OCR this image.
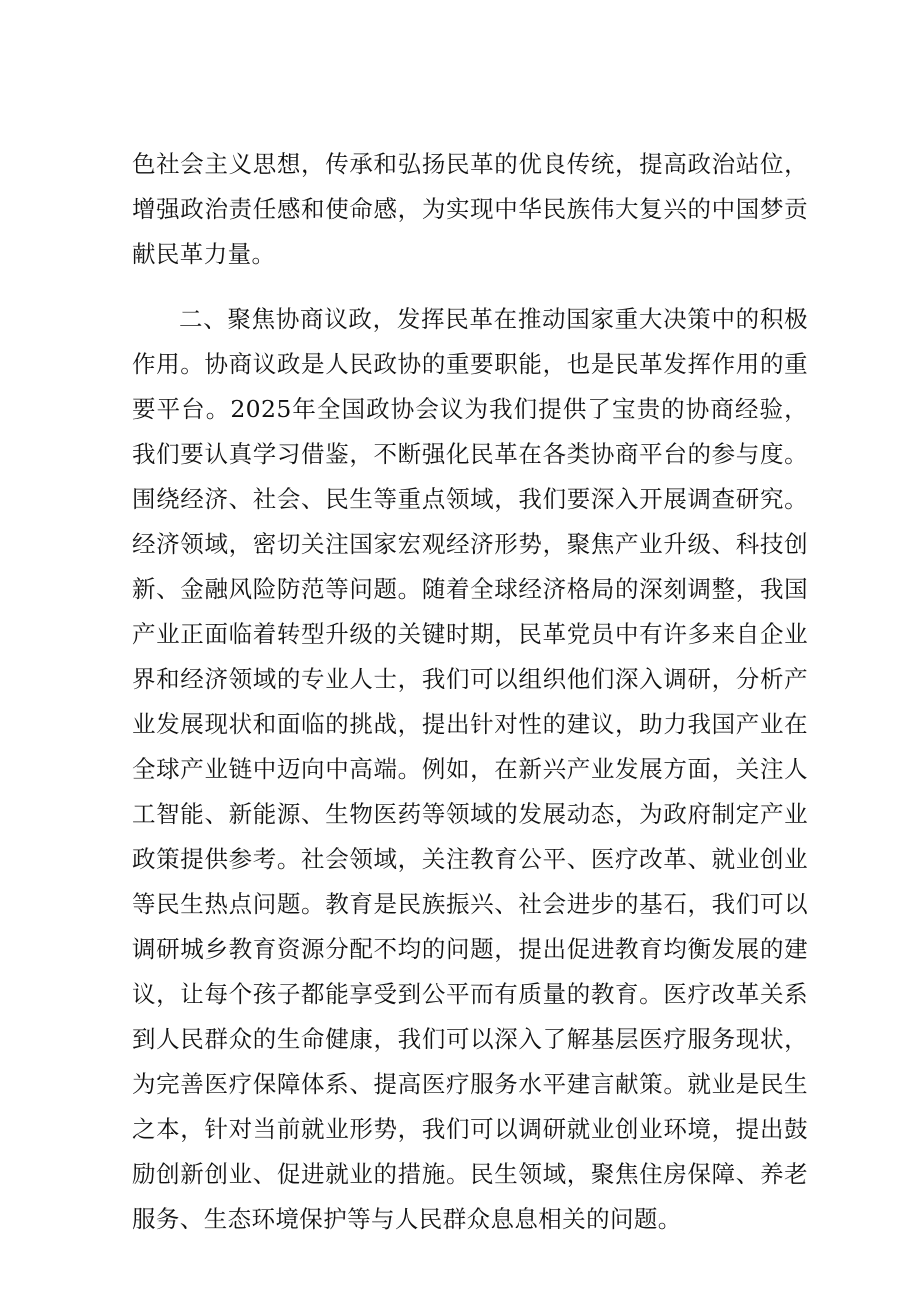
色社会主义思想，传承和弘扬民革的优良传统，提高政治站位，增强政治责任感和使命感，为实现中华民族伟大复兴的中国梦贡献民革力量。

二、聚焦协商议政，发挥民革在推动国家重大决策中的积极作用。协商议政是人民政协的重要职能，也是民革发挥作用的重要平台。2025年全国政协会议为我们提供了宝贵的协商经验，我们要认真学习借鉴，不断强化民革在各类协商平台的参与度。围绕经济、社会、民生等重点领域，我们要深入开展调查研究。经济领域，密切关注国家宏观经济形势，聚焦产业升级、科技创新、金融风险防范等问题。随着全球经济格局的深刻调整，我国产业正面临着转型升级的关键时期，民革党员中有许多来自企业界和经济领域的专业人士，我们可以组织他们深入调研，分析产业发展现状和面临的挑战，提出针对性的建议，助力我国产业在全球产业链中迈向中高端。例如，在新兴产业发展方面，关注人工智能、新能源、生物医药等领域的发展动态，为政府制定产业政策提供参考。社会领域，关注教育公平、医疗改革、就业创业等民生热点问题。教育是民族振兴、社会进步的基石，我们可以调研城乡教育资源分配不均的问题，提出促进教育均衡发展的建议，让每个孩子都能享受到公平而有质量的教育。医疗改革关系到人民群众的生命健康，我们可以深入了解基层医疗服务现状，为完善医疗保障体系、提高医疗服务水平建言献策。就业是民生之本，针对当前就业形势，我们可以调研就业创业环境，提出鼓励创新创业、促进就业的措施。民生领域，聚焦住房保障、养老服务、生态环境保护等与人民群众息息相关的问题。
